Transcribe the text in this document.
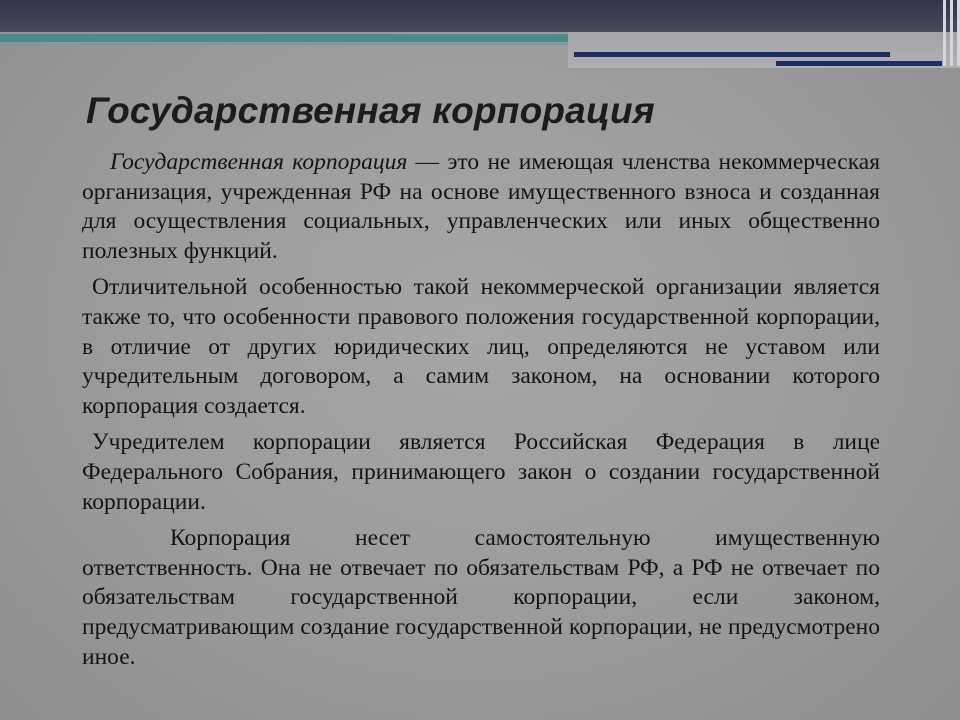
Государственная корпорация

Государственная корпорация — это не имеющая членства некоммерческая организация, учрежденная РФ на основе имущественного взноса и созданная для осуществления социальных, управленческих или иных общественно полезных функций.

Отличительной особенностью такой некоммерческой организации является также то, что особенности правового положения государственной корпорации, в отличие от других юридических лиц, определяются не уставом или учредительным договором, а самим законом, на основании которого корпорация создается.

Учредителем корпорации является Российская Федерация в лице Федерального Собрания, принимающего закон о создании государственной корпорации.

Корпорация несет самостоятельную имущественную ответственность. Она не отвечает по обязательствам РФ, а РФ не отвечает по обязательствам государственной корпорации, если законом, предусматривающим создание государственной корпорации, не предусмотрено иное.
